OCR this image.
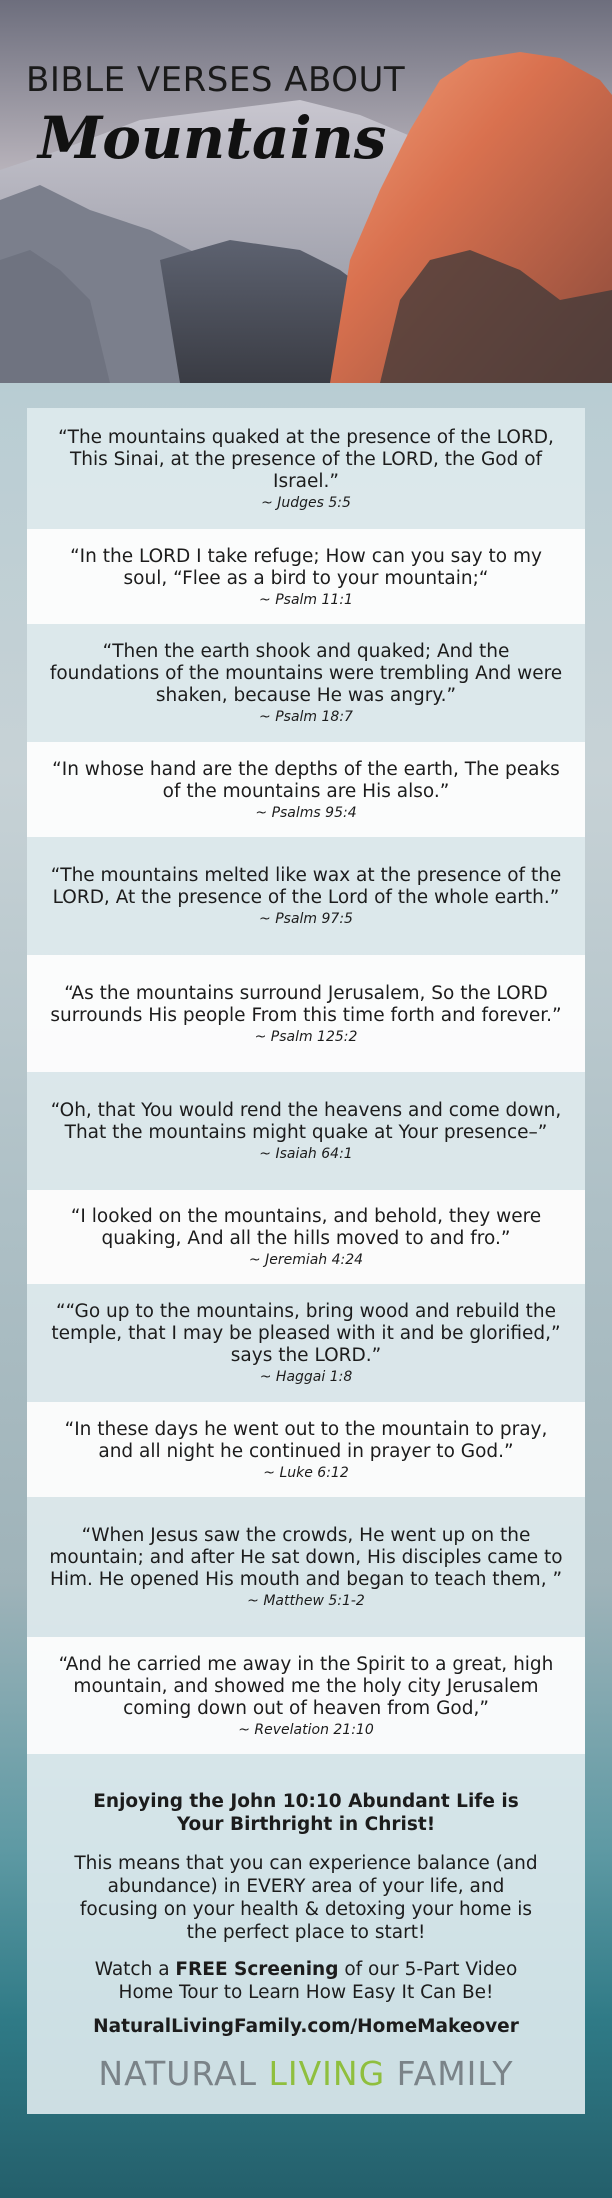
BIBLE VERSES ABOUT
Mountains
“The mountains quaked at the presence of the LORD, This Sinai, at the presence of the LORD, the God of Israel.”
~ Judges 5:5
“In the LORD I take refuge; How can you say to my soul, “Flee as a bird to your mountain;“
~ Psalm 11:1
“Then the earth shook and quaked; And the foundations of the mountains were trembling And were shaken, because He was angry.”
~ Psalm 18:7
“In whose hand are the depths of the earth, The peaks of the mountains are His also.”
~ Psalms 95:4
“The mountains melted like wax at the presence of the LORD, At the presence of the Lord of the whole earth.”
~ Psalm 97:5
“As the mountains surround Jerusalem, So the LORD surrounds His people From this time forth and forever.”
~ Psalm 125:2
“Oh, that You would rend the heavens and come down, That the mountains might quake at Your presence–”
~ Isaiah 64:1
“I looked on the mountains, and behold, they were quaking, And all the hills moved to and fro.”
~ Jeremiah 4:24
““Go up to the mountains, bring wood and rebuild the temple, that I may be pleased with it and be glorified,” says the LORD.”
~ Haggai 1:8
“In these days he went out to the mountain to pray, and all night he continued in prayer to God.”
~ Luke 6:12
“When Jesus saw the crowds, He went up on the mountain; and after He sat down, His disciples came to Him. He opened His mouth and began to teach them, ”
~ Matthew 5:1-2
“And he carried me away in the Spirit to a great, high mountain, and showed me the holy city Jerusalem coming down out of heaven from God,”
~ Revelation 21:10
Enjoying the John 10:10 Abundant Life is Your Birthright in Christ!
This means that you can experience balance (and abundance) in EVERY area of your life, and focusing on your health & detoxing your home is the perfect place to start!
Watch a FREE Screening of our 5-Part Video Home Tour to Learn How Easy It Can Be!
NaturalLivingFamily.com/HomeMakeover
NATURAL LIVING FAMILY
